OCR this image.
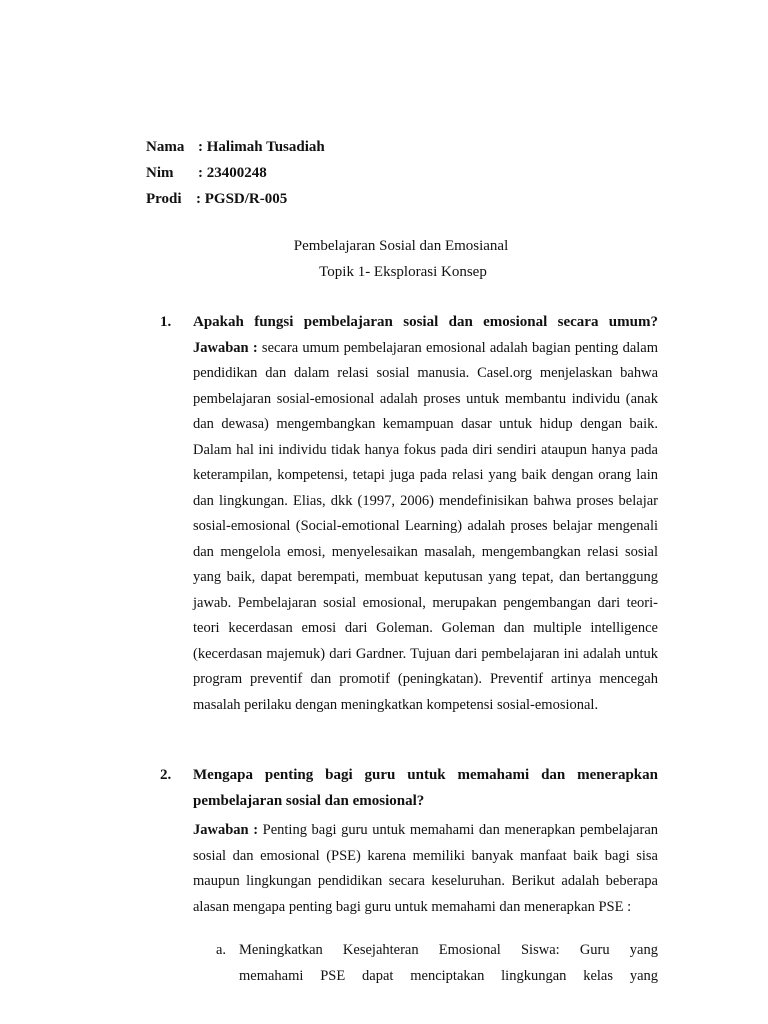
Nama : Halimah Tusadiah
Nim	: 23400248
Prodi : PGSD/R-005
Pembelajaran Sosial dan Emosianal
Topik 1- Eksplorasi Konsep
1. Apakah fungsi pembelajaran sosial dan emosional secara umum?

Jawaban : secara umum pembelajaran emosional adalah bagian penting dalam pendidikan dan dalam relasi sosial manusia. Casel.org menjelaskan bahwa pembelajaran sosial-emosional adalah proses untuk membantu individu (anak dan dewasa) mengembangkan kemampuan dasar untuk hidup dengan baik. Dalam hal ini individu tidak hanya fokus pada diri sendiri ataupun hanya pada keterampilan, kompetensi, tetapi juga pada relasi yang baik dengan orang lain dan lingkungan. Elias, dkk (1997, 2006) mendefinisikan bahwa proses belajar sosial-emosional (Social-emotional Learning) adalah proses belajar mengenali dan mengelola emosi, menyelesaikan masalah, mengembangkan relasi sosial yang baik, dapat berempati, membuat keputusan yang tepat, dan bertanggung jawab. Pembelajaran sosial emosional, merupakan pengembangan dari teori-teori kecerdasan emosi dari Goleman. Goleman dan multiple intelligence (kecerdasan majemuk) dari Gardner. Tujuan dari pembelajaran ini adalah untuk program preventif dan promotif (peningkatan). Preventif artinya mencegah masalah perilaku dengan meningkatkan kompetensi sosial-emosional.

2. Mengapa penting bagi guru untuk memahami dan menerapkan
pembelajaran sosial dan emosional?

Jawaban : Penting bagi guru untuk memahami dan menerapkan pembelajaran sosial dan emosional (PSE) karena memiliki banyak manfaat baik bagi sisa maupun lingkungan pendidikan secara keseluruhan. Berikut adalah beberapa alasan mengapa penting bagi guru untuk memahami dan menerapkan PSE :

a. Meningkatkan Kesejahteran Emosional Siswa: Guru yang
memahami PSE dapat menciptakan lingkungan kelas yang
